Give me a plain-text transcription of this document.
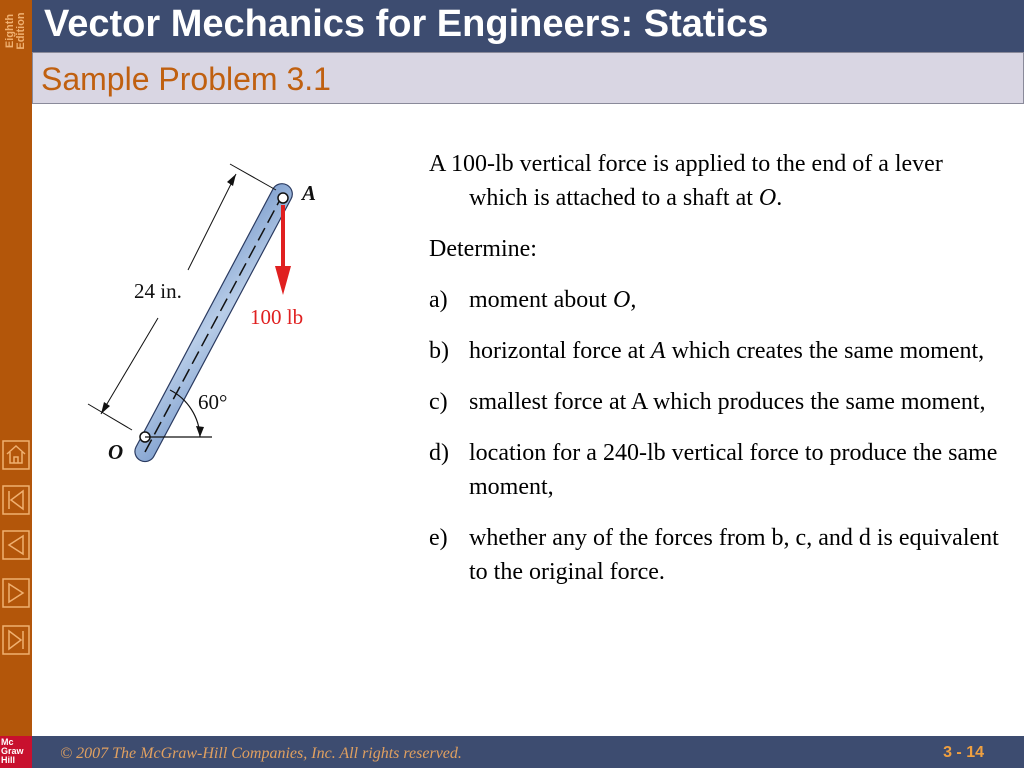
Eighth Edition
Mc
Graw
Hill
Vector Mechanics for Engineers: Statics
Sample Problem 3.1
24 in.
100 lb
60°
A
O

A 100-lb vertical force is applied to the end of a lever which is attached to a shaft at O.

Determine:

a) moment about O,
b) horizontal force at A which creates the same moment,
c) smallest force at A which produces the same moment,
d) location for a 240-lb vertical force to produce the same moment,
e) whether any of the forces from b, c, and d is equivalent to the original force.
© 2007 The McGraw-Hill Companies, Inc. All rights reserved.	3 - 14
